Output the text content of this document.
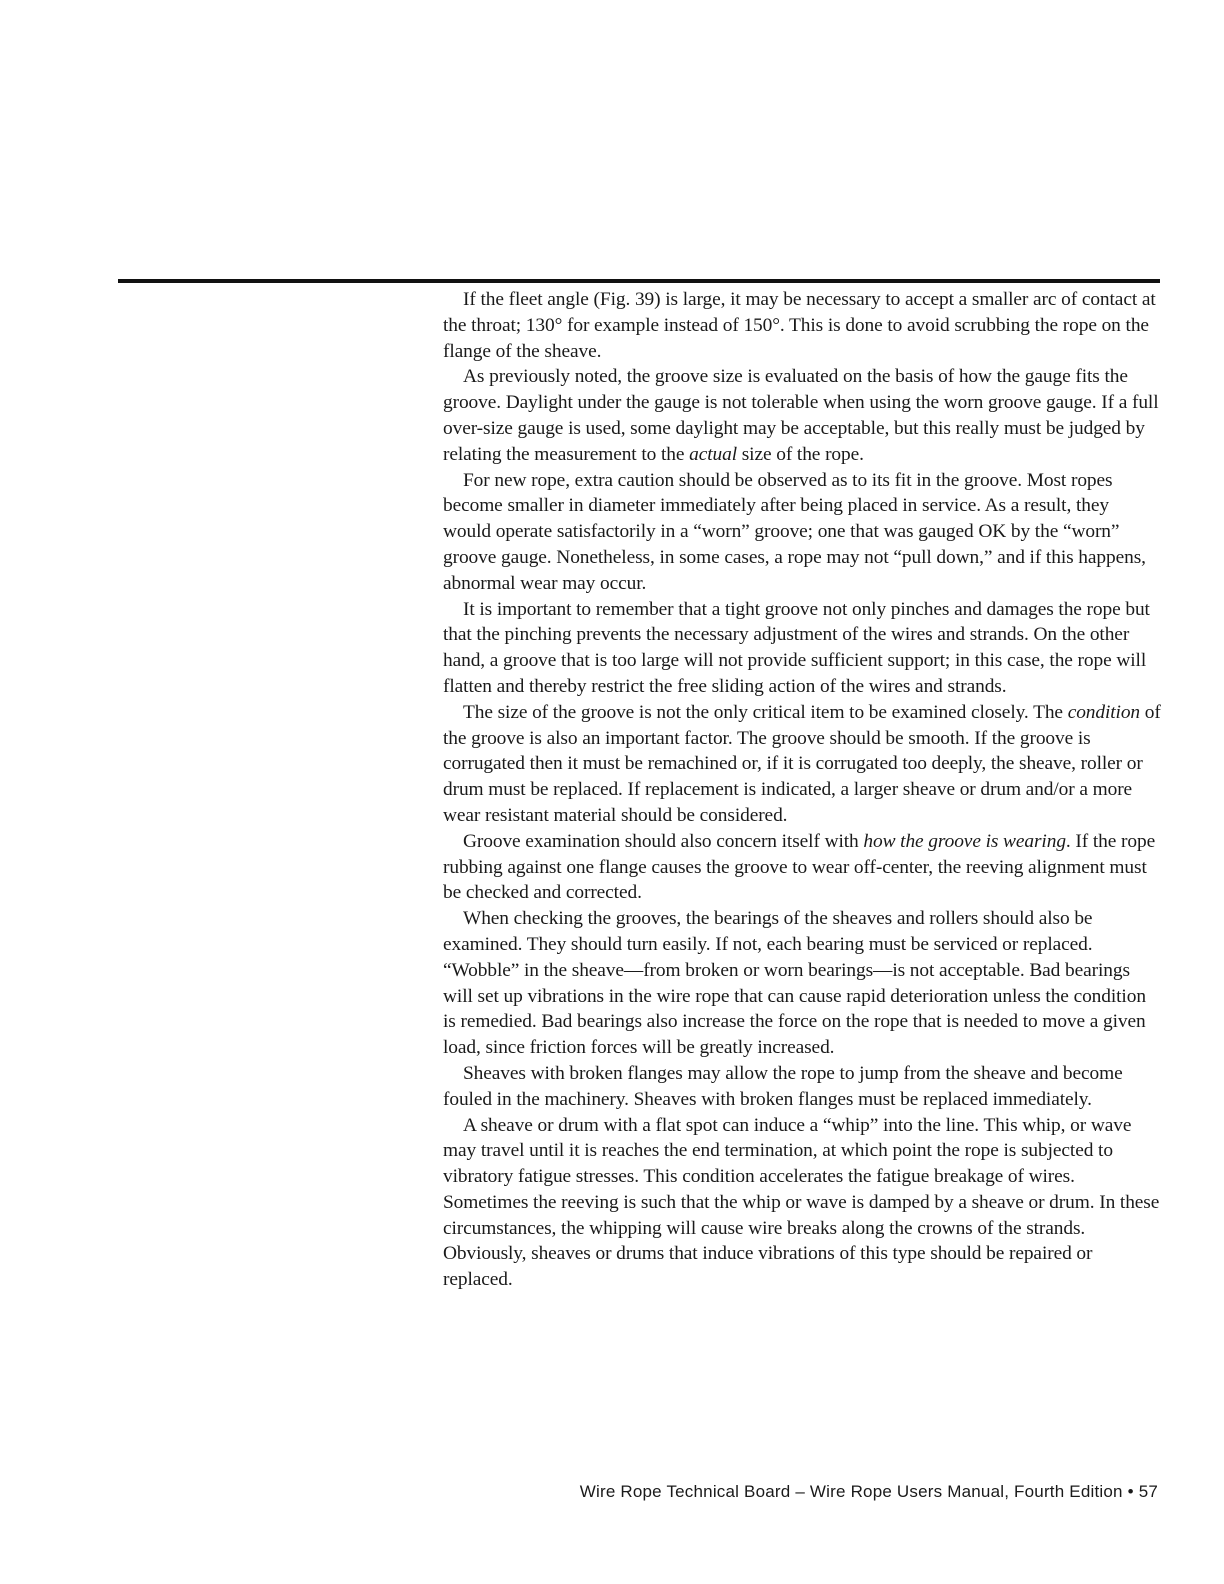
If the fleet angle (Fig. 39) is large, it may be necessary to accept a smaller arc of contact at the throat; 130° for example instead of 150°. This is done to avoid scrubbing the rope on the flange of the sheave.

As previously noted, the groove size is evaluated on the basis of how the gauge fits the groove. Daylight under the gauge is not tolerable when using the worn groove gauge. If a full over-size gauge is used, some daylight may be acceptable, but this really must be judged by relating the measurement to the actual size of the rope.

For new rope, extra caution should be observed as to its fit in the groove. Most ropes become smaller in diameter immediately after being placed in service. As a result, they would operate satisfactorily in a “worn” groove; one that was gauged OK by the “worn” groove gauge. Nonetheless, in some cases, a rope may not “pull down,” and if this happens, abnormal wear may occur.

It is important to remember that a tight groove not only pinches and damages the rope but that the pinching prevents the necessary adjustment of the wires and strands. On the other hand, a groove that is too large will not provide sufficient support; in this case, the rope will flatten and thereby restrict the free sliding action of the wires and strands.

The size of the groove is not the only critical item to be examined closely. The condition of the groove is also an important factor. The groove should be smooth. If the groove is corrugated then it must be remachined or, if it is corrugated too deeply, the sheave, roller or drum must be replaced. If replacement is indicated, a larger sheave or drum and/or a more wear resistant material should be considered.

Groove examination should also concern itself with how the groove is wearing. If the rope rubbing against one flange causes the groove to wear off-center, the reeving alignment must be checked and corrected.

When checking the grooves, the bearings of the sheaves and rollers should also be examined. They should turn easily. If not, each bearing must be serviced or replaced. “Wobble” in the sheave—from broken or worn bearings—is not acceptable. Bad bearings will set up vibrations in the wire rope that can cause rapid deterioration unless the condition is remedied. Bad bearings also increase the force on the rope that is needed to move a given load, since friction forces will be greatly increased.

Sheaves with broken flanges may allow the rope to jump from the sheave and become fouled in the machinery. Sheaves with broken flanges must be replaced immediately.

A sheave or drum with a flat spot can induce a “whip” into the line. This whip, or wave may travel until it is reaches the end termination, at which point the rope is subjected to vibratory fatigue stresses. This condition accelerates the fatigue breakage of wires. Sometimes the reeving is such that the whip or wave is damped by a sheave or drum. In these circumstances, the whipping will cause wire breaks along the crowns of the strands. Obviously, sheaves or drums that induce vibrations of this type should be repaired or replaced.

Wire Rope Technical Board – Wire Rope Users Manual, Fourth Edition • 57
